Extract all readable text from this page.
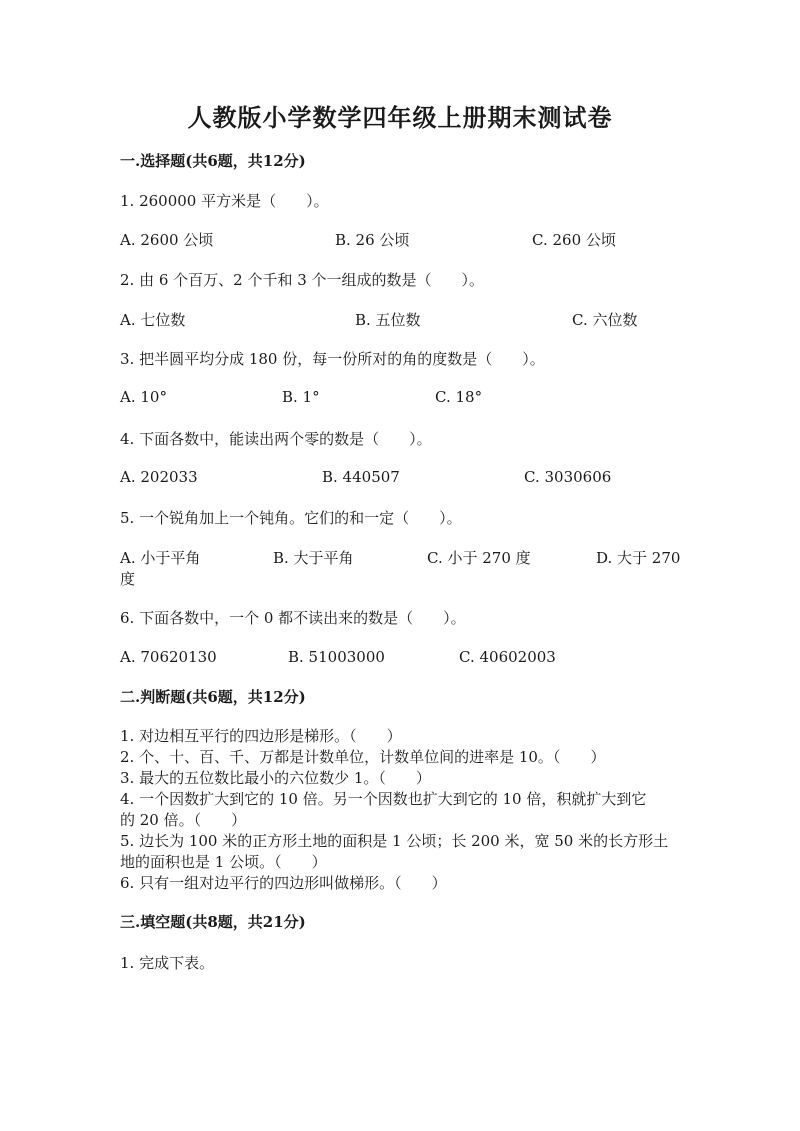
人教版小学数学四年级上册期末测试卷
一.选择题(共6题，共12分)
1. 260000 平方米是（　　）。
A. 2600 公顷	B. 26 公顷	C. 260 公顷
2. 由 6 个百万、2 个千和 3 个一组成的数是（　　）。
A. 七位数	B. 五位数	C. 六位数
3. 把半圆平均分成 180 份，每一份所对的角的度数是（　　）。
A. 10°	B. 1°	C. 18°
4. 下面各数中，能读出两个零的数是（　　）。
A. 202033	B. 440507	C. 3030606
5. 一个锐角加上一个钝角。它们的和一定（　　）。
A. 小于平角	B. 大于平角	C. 小于 270 度	D. 大于 270
度
6. 下面各数中，一个 0 都不读出来的数是（　　）。
A. 70620130	B. 51003000	C. 40602003
二.判断题(共6题，共12分)
1. 对边相互平行的四边形是梯形。（　　）
2. 个、十、百、千、万都是计数单位，计数单位间的进率是 10。（　　）
3. 最大的五位数比最小的六位数少 1。（　　）
4. 一个因数扩大到它的 10 倍。另一个因数也扩大到它的 10 倍，积就扩大到它
的 20 倍。（　　）
5. 边长为 100 米的正方形土地的面积是 1 公顷；长 200 米，宽 50 米的长方形土
地的面积也是 1 公顷。（　　）
6. 只有一组对边平行的四边形叫做梯形。（　　）
三.填空题(共8题，共21分)
1. 完成下表。
